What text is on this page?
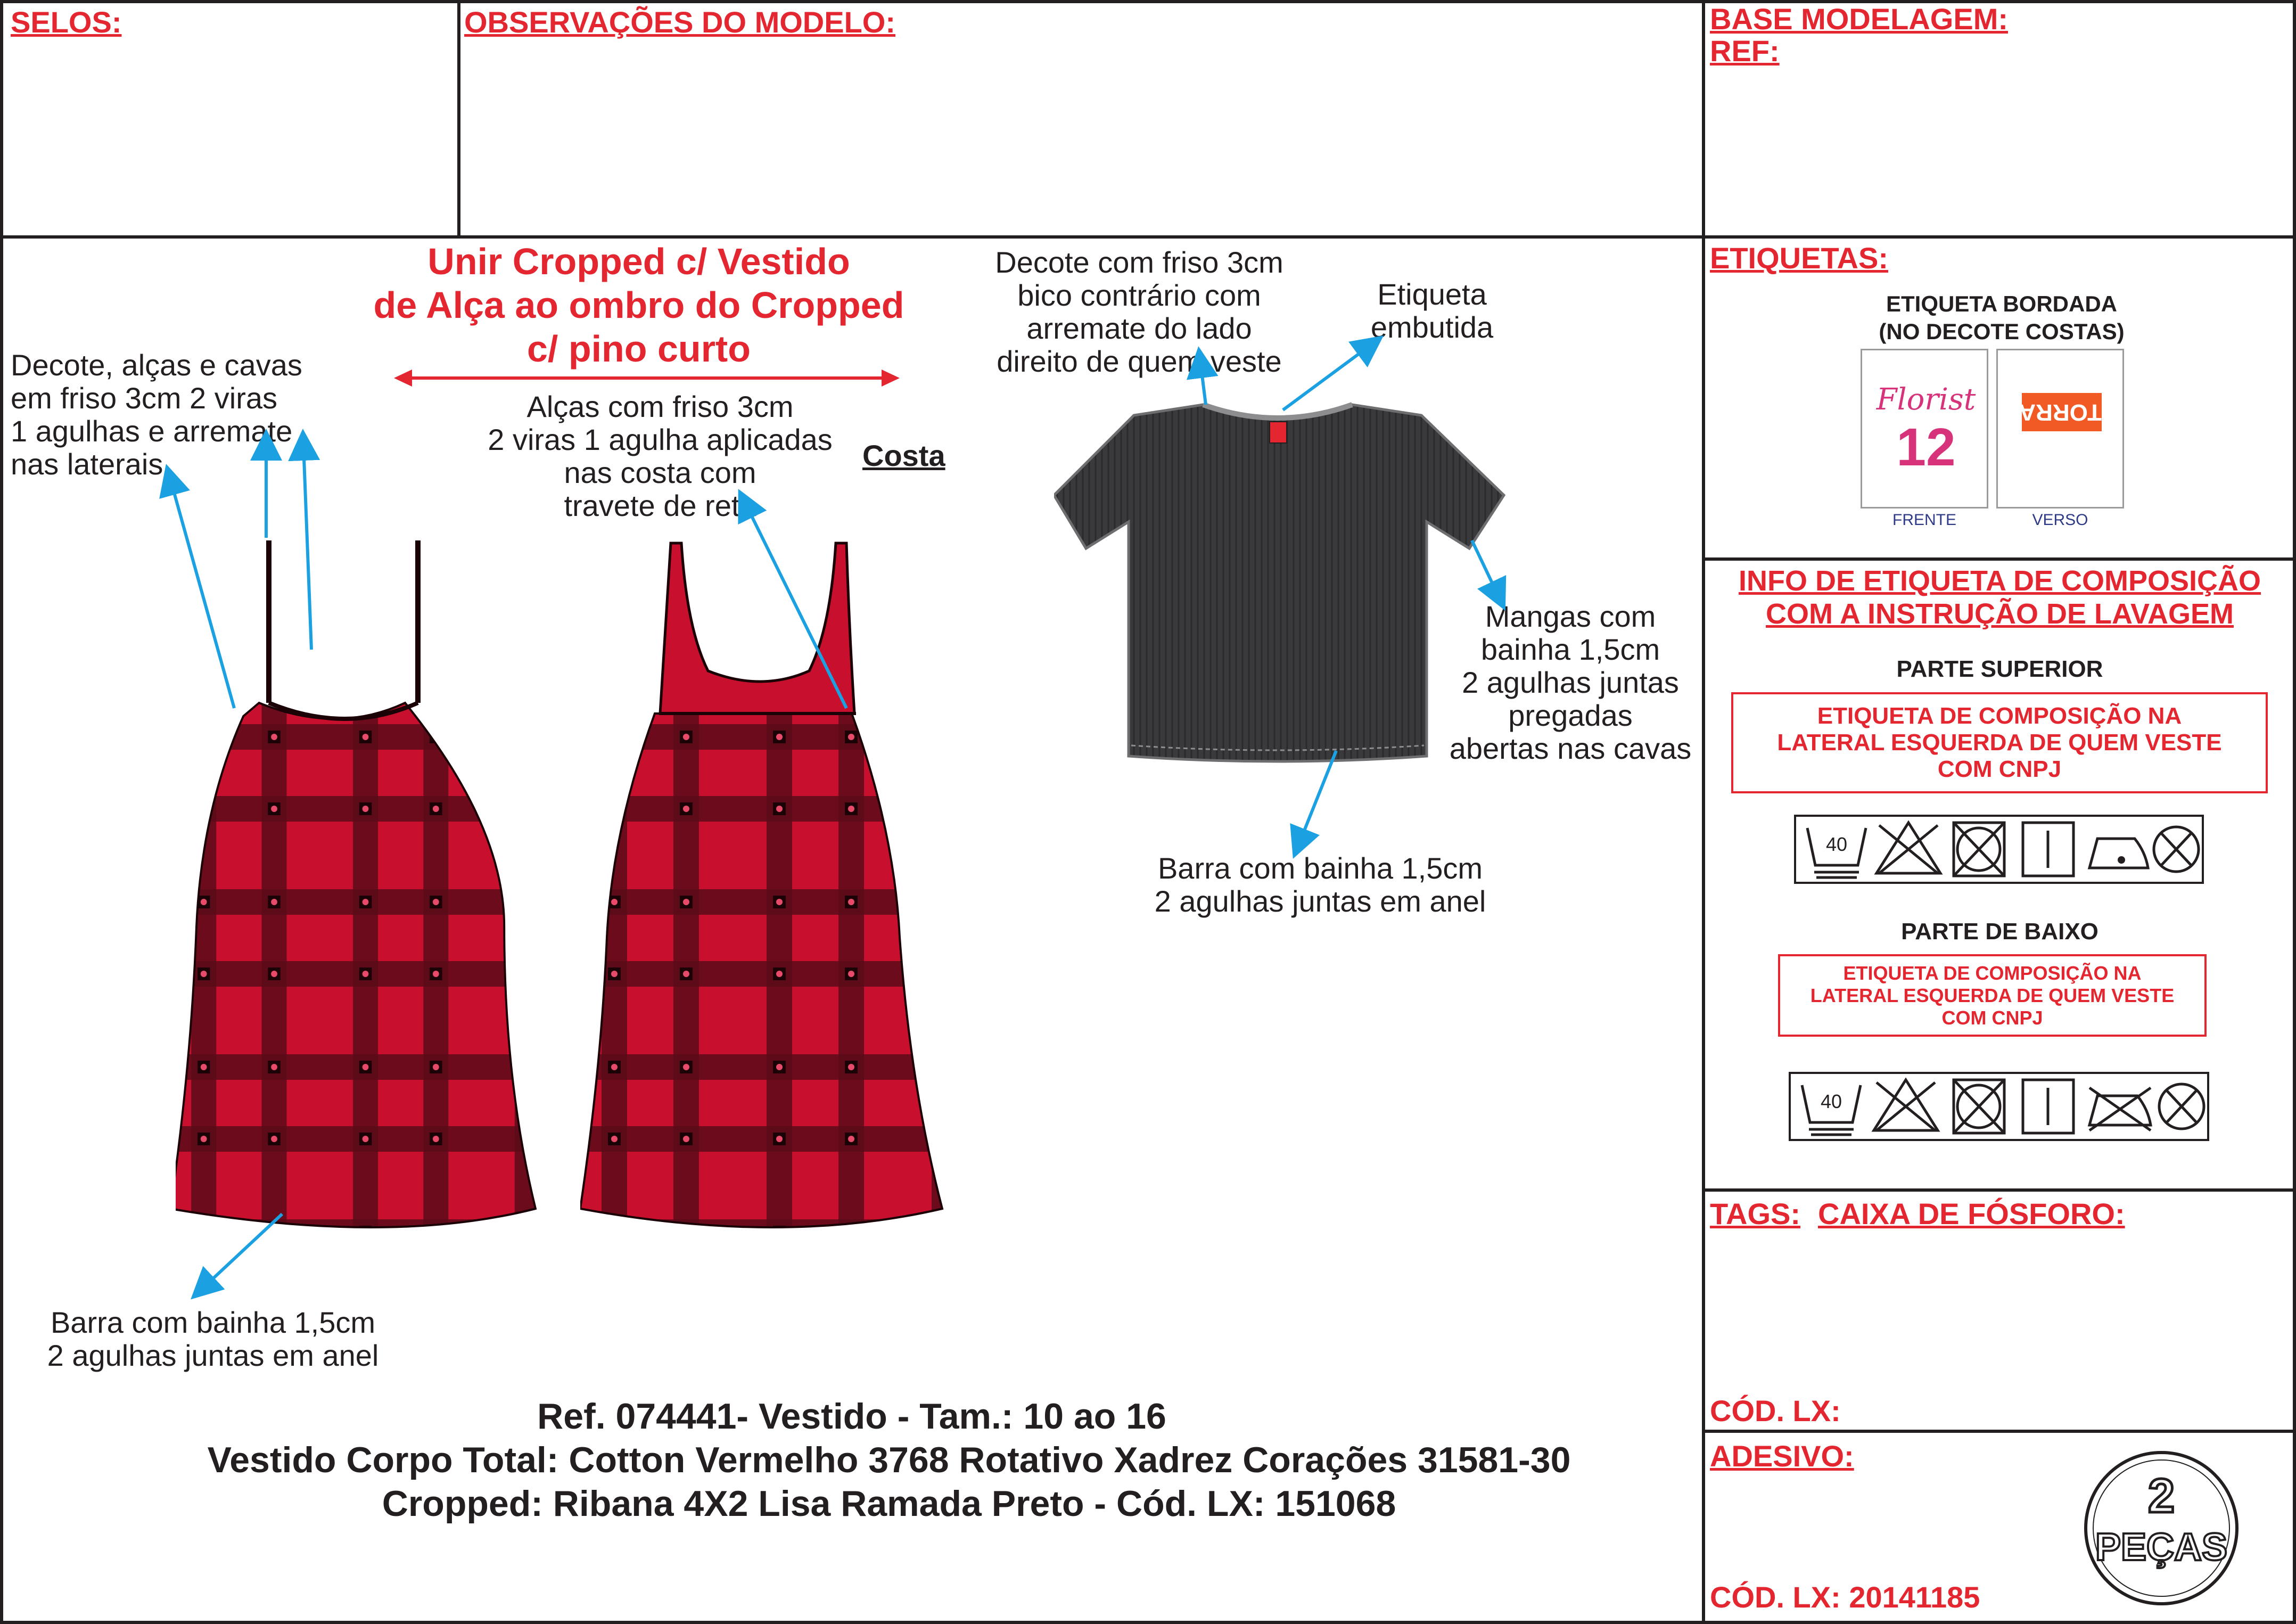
SELOS:	OBSERVAÇÕES DO MODELO:	BASE MODELAGEM:
REF:
Unir Cropped c/ Vestido
de Alça ao ombro do Cropped
c/ pino curto
Decote, alças e cavas
em friso 3cm 2 viras
1 agulhas e arremate
nas laterais
Alças com friso 3cm
2 viras 1 agulha aplicadas
nas costa com
travete de reta
Costa
Barra com bainha 1,5cm
2 agulhas juntas em anel
Decote com friso 3cm
bico contrário com
arremate do lado
direito de quem veste
Etiqueta
embutida
Mangas com
bainha 1,5cm
2 agulhas juntas
pregadas
abertas nas cavas
Barra com bainha 1,5cm
2 agulhas juntas em anel
Ref. 074441- Vestido - Tam.: 10 ao 16
Vestido Corpo Total: Cotton Vermelho 3768 Rotativo Xadrez Corações 31581-30
Cropped: Ribana 4X2 Lisa Ramada Preto - Cód. LX: 151068
ETIQUETAS:
ETIQUETA BORDADA
(NO DECOTE COSTAS)
Florist
12
TORRA
FRENTE	VERSO
INFO DE ETIQUETA DE COMPOSIÇÃO
COM A INSTRUÇÃO DE LAVAGEM
PARTE SUPERIOR
ETIQUETA DE COMPOSIÇÃO NA
LATERAL ESQUERDA DE QUEM VESTE
COM CNPJ
40
PARTE DE BAIXO
ETIQUETA DE COMPOSIÇÃO NA
LATERAL ESQUERDA DE QUEM VESTE
COM CNPJ
40
TAGS: CAIXA DE FÓSFORO:
CÓD. LX:
ADESIVO:
CÓD. LX: 20141185
2
PEÇAS
